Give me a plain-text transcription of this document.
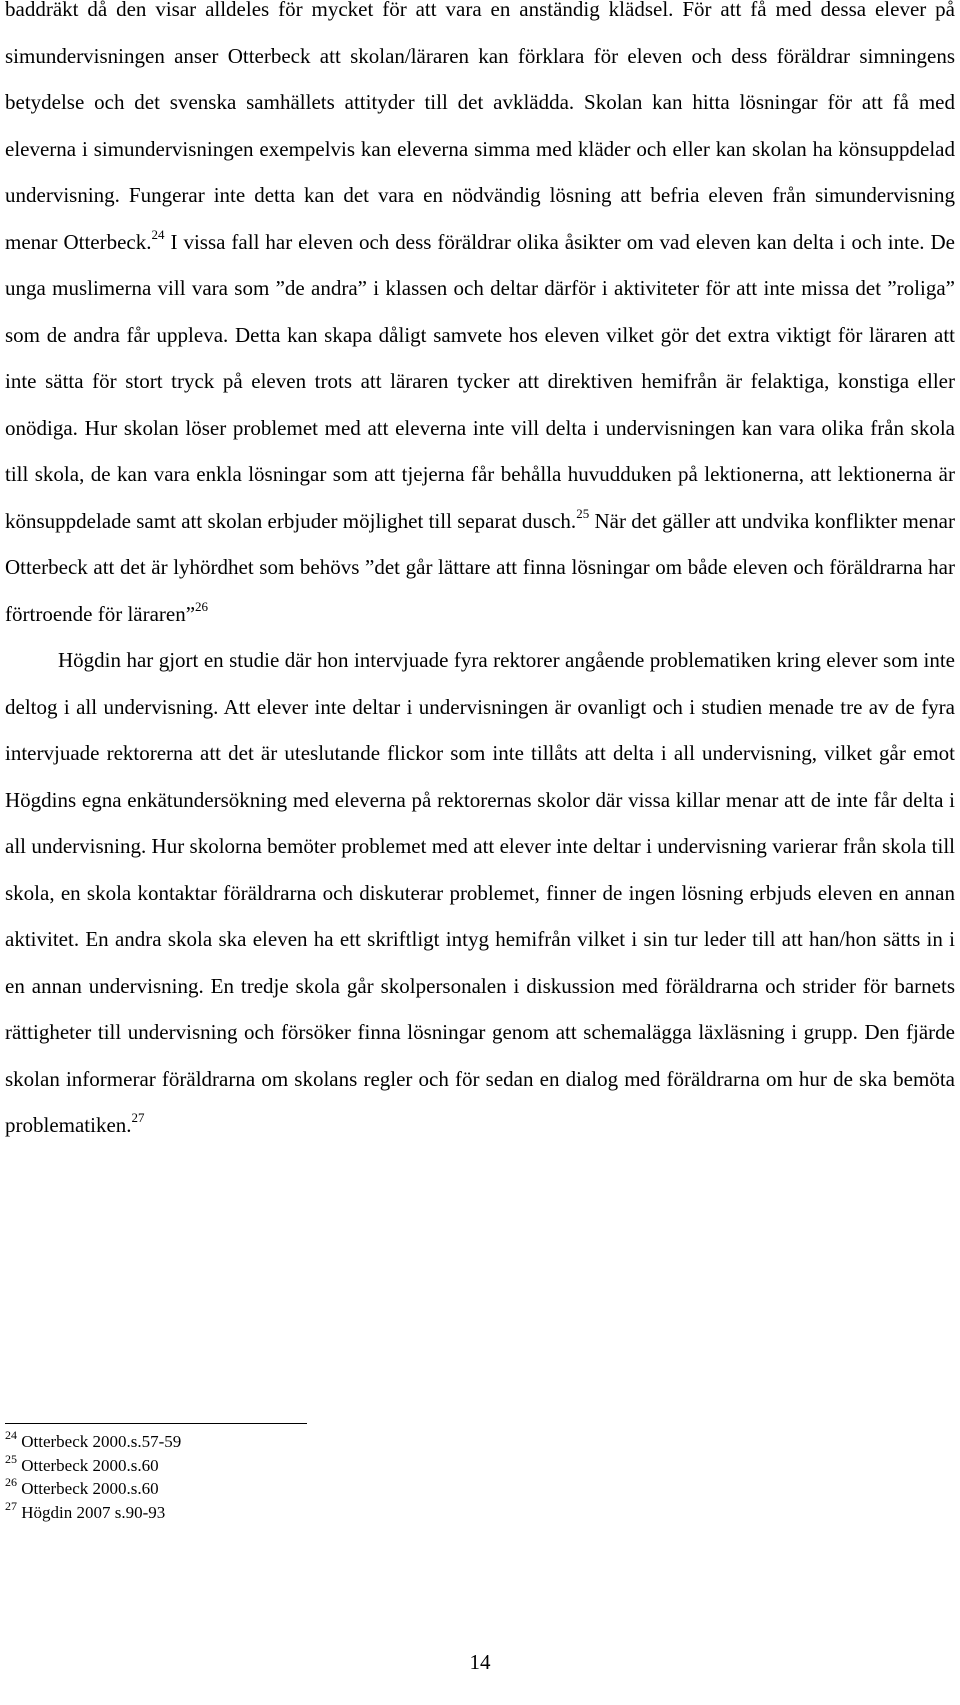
baddräkt då den visar alldeles för mycket för att vara en anständig klädsel. För att få med dessa elever på simundervisningen anser Otterbeck att skolan/läraren kan förklara för eleven och dess föräldrar simningens betydelse och det svenska samhällets attityder till det avklädda. Skolan kan hitta lösningar för att få med eleverna i simundervisningen exempelvis kan eleverna simma med kläder och eller kan skolan ha könsuppdelad undervisning. Fungerar inte detta kan det vara en nödvändig lösning att befria eleven från simundervisning menar Otterbeck.$^{24}$ I vissa fall har eleven och dess föräldrar olika åsikter om vad eleven kan delta i och inte. De unga muslimerna vill vara som ”de andra” i klassen och deltar därför i aktiviteter för att inte missa det ”roliga” som de andra får uppleva. Detta kan skapa dåligt samvete hos eleven vilket gör det extra viktigt för läraren att inte sätta för stort tryck på eleven trots att läraren tycker att direktiven hemifrån är felaktiga, konstiga eller onödiga. Hur skolan löser problemet med att eleverna inte vill delta i undervisningen kan vara olika från skola till skola, de kan vara enkla lösningar som att tjejerna får behålla huvudduken på lektionerna, att lektionerna är könsuppdelade samt att skolan erbjuder möjlighet till separat dusch.$^{25}$ När det gäller att undvika konflikter menar Otterbeck att det är lyhördhet som behövs ”det går lättare att finna lösningar om både eleven och föräldrarna har förtroende för läraren”$^{26}$

Högdin har gjort en studie där hon intervjuade fyra rektorer angående problematiken kring elever som inte deltog i all undervisning. Att elever inte deltar i undervisningen är ovanligt och i studien menade tre av de fyra intervjuade rektorerna att det är uteslutande flickor som inte tillåts att delta i all undervisning, vilket går emot Högdins egna enkätundersökning med eleverna på rektorernas skolor där vissa killar menar att de inte får delta i all undervisning. Hur skolorna bemöter problemet med att elever inte deltar i undervisning varierar från skola till skola, en skola kontaktar föräldrarna och diskuterar problemet, finner de ingen lösning erbjuds eleven en annan aktivitet. En andra skola ska eleven ha ett skriftligt intyg hemifrån vilket i sin tur leder till att han/hon sätts in i en annan undervisning. En tredje skola går skolpersonalen i diskussion med föräldrarna och strider för barnets rättigheter till undervisning och försöker finna lösningar genom att schemalägga läxläsning i grupp. Den fjärde skolan informerar föräldrarna om skolans regler och för sedan en dialog med föräldrarna om hur de ska bemöta problematiken.$^{27}$

$^{24}$ Otterbeck 2000.s.57-59
$^{25}$ Otterbeck 2000.s.60
$^{26}$ Otterbeck 2000.s.60
$^{27}$ Högdin 2007 s.90-93
14
